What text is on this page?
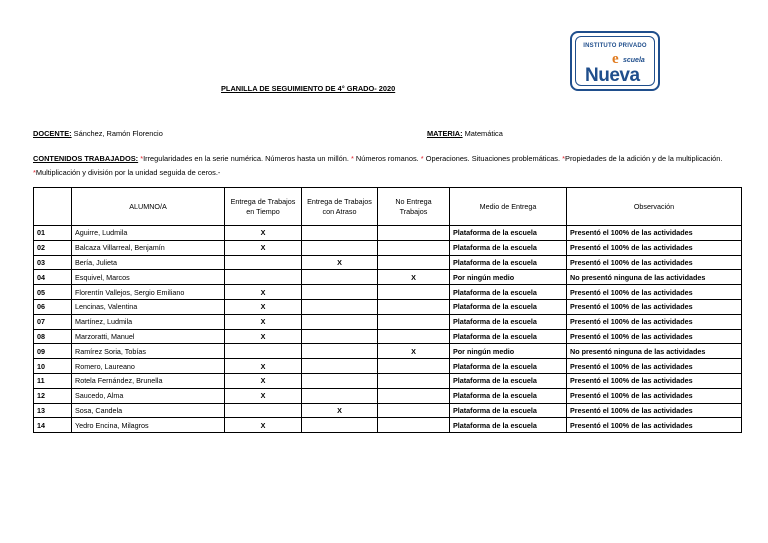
INSTITUTO PRIVADO
e scuela
Nueva
PLANILLA DE SEGUIMIENTO DE 4° GRADO- 2020
DOCENTE: Sánchez, Ramón Florencio	MATERIA: Matemática
CONTENIDOS TRABAJADOS: *Irregularidades en la serie numérica. Números hasta un millón. * Números romanos. * Operaciones. Situaciones problemáticas. *Propiedades de la adición y de la multiplicación. *Multiplicación y división por la unidad seguida de ceros.-
	ALUMNO/A	Entrega de Trabajos en Tiempo	Entrega de Trabajos con Atraso	No Entrega Trabajos	Medio de Entrega	Observación
01	Aguirre, Ludmila	X			Plataforma de la escuela	Presentó el 100% de las actividades
02	Balcaza Villarreal, Benjamín	X			Plataforma de la escuela	Presentó el 100% de las actividades
03	Bería, Julieta		X		Plataforma de la escuela	Presentó el 100% de las actividades
04	Esquivel, Marcos			X	Por ningún medio	No presentó ninguna de las actividades
05	Florentín Vallejos, Sergio Emiliano	X			Plataforma de la escuela	Presentó el 100% de las actividades
06	Lencinas, Valentina	X			Plataforma de la escuela	Presentó el 100% de las actividades
07	Martínez, Ludmila	X			Plataforma de la escuela	Presentó el 100% de las actividades
08	Marzoratti, Manuel	X			Plataforma de la escuela	Presentó el 100% de las actividades
09	Ramírez Soria, Tobías			X	Por ningún medio	No presentó ninguna de las actividades
10	Romero, Laureano	X			Plataforma de la escuela	Presentó el 100% de las actividades
11	Rotela Fernández, Brunella	X			Plataforma de la escuela	Presentó el 100% de las actividades
12	Saucedo, Alma	X			Plataforma de la escuela	Presentó el 100% de las actividades
13	Sosa, Candela		X		Plataforma de la escuela	Presentó el 100% de las actividades
14	Yedro Encina, Milagros	X			Plataforma de la escuela	Presentó el 100% de las actividades
